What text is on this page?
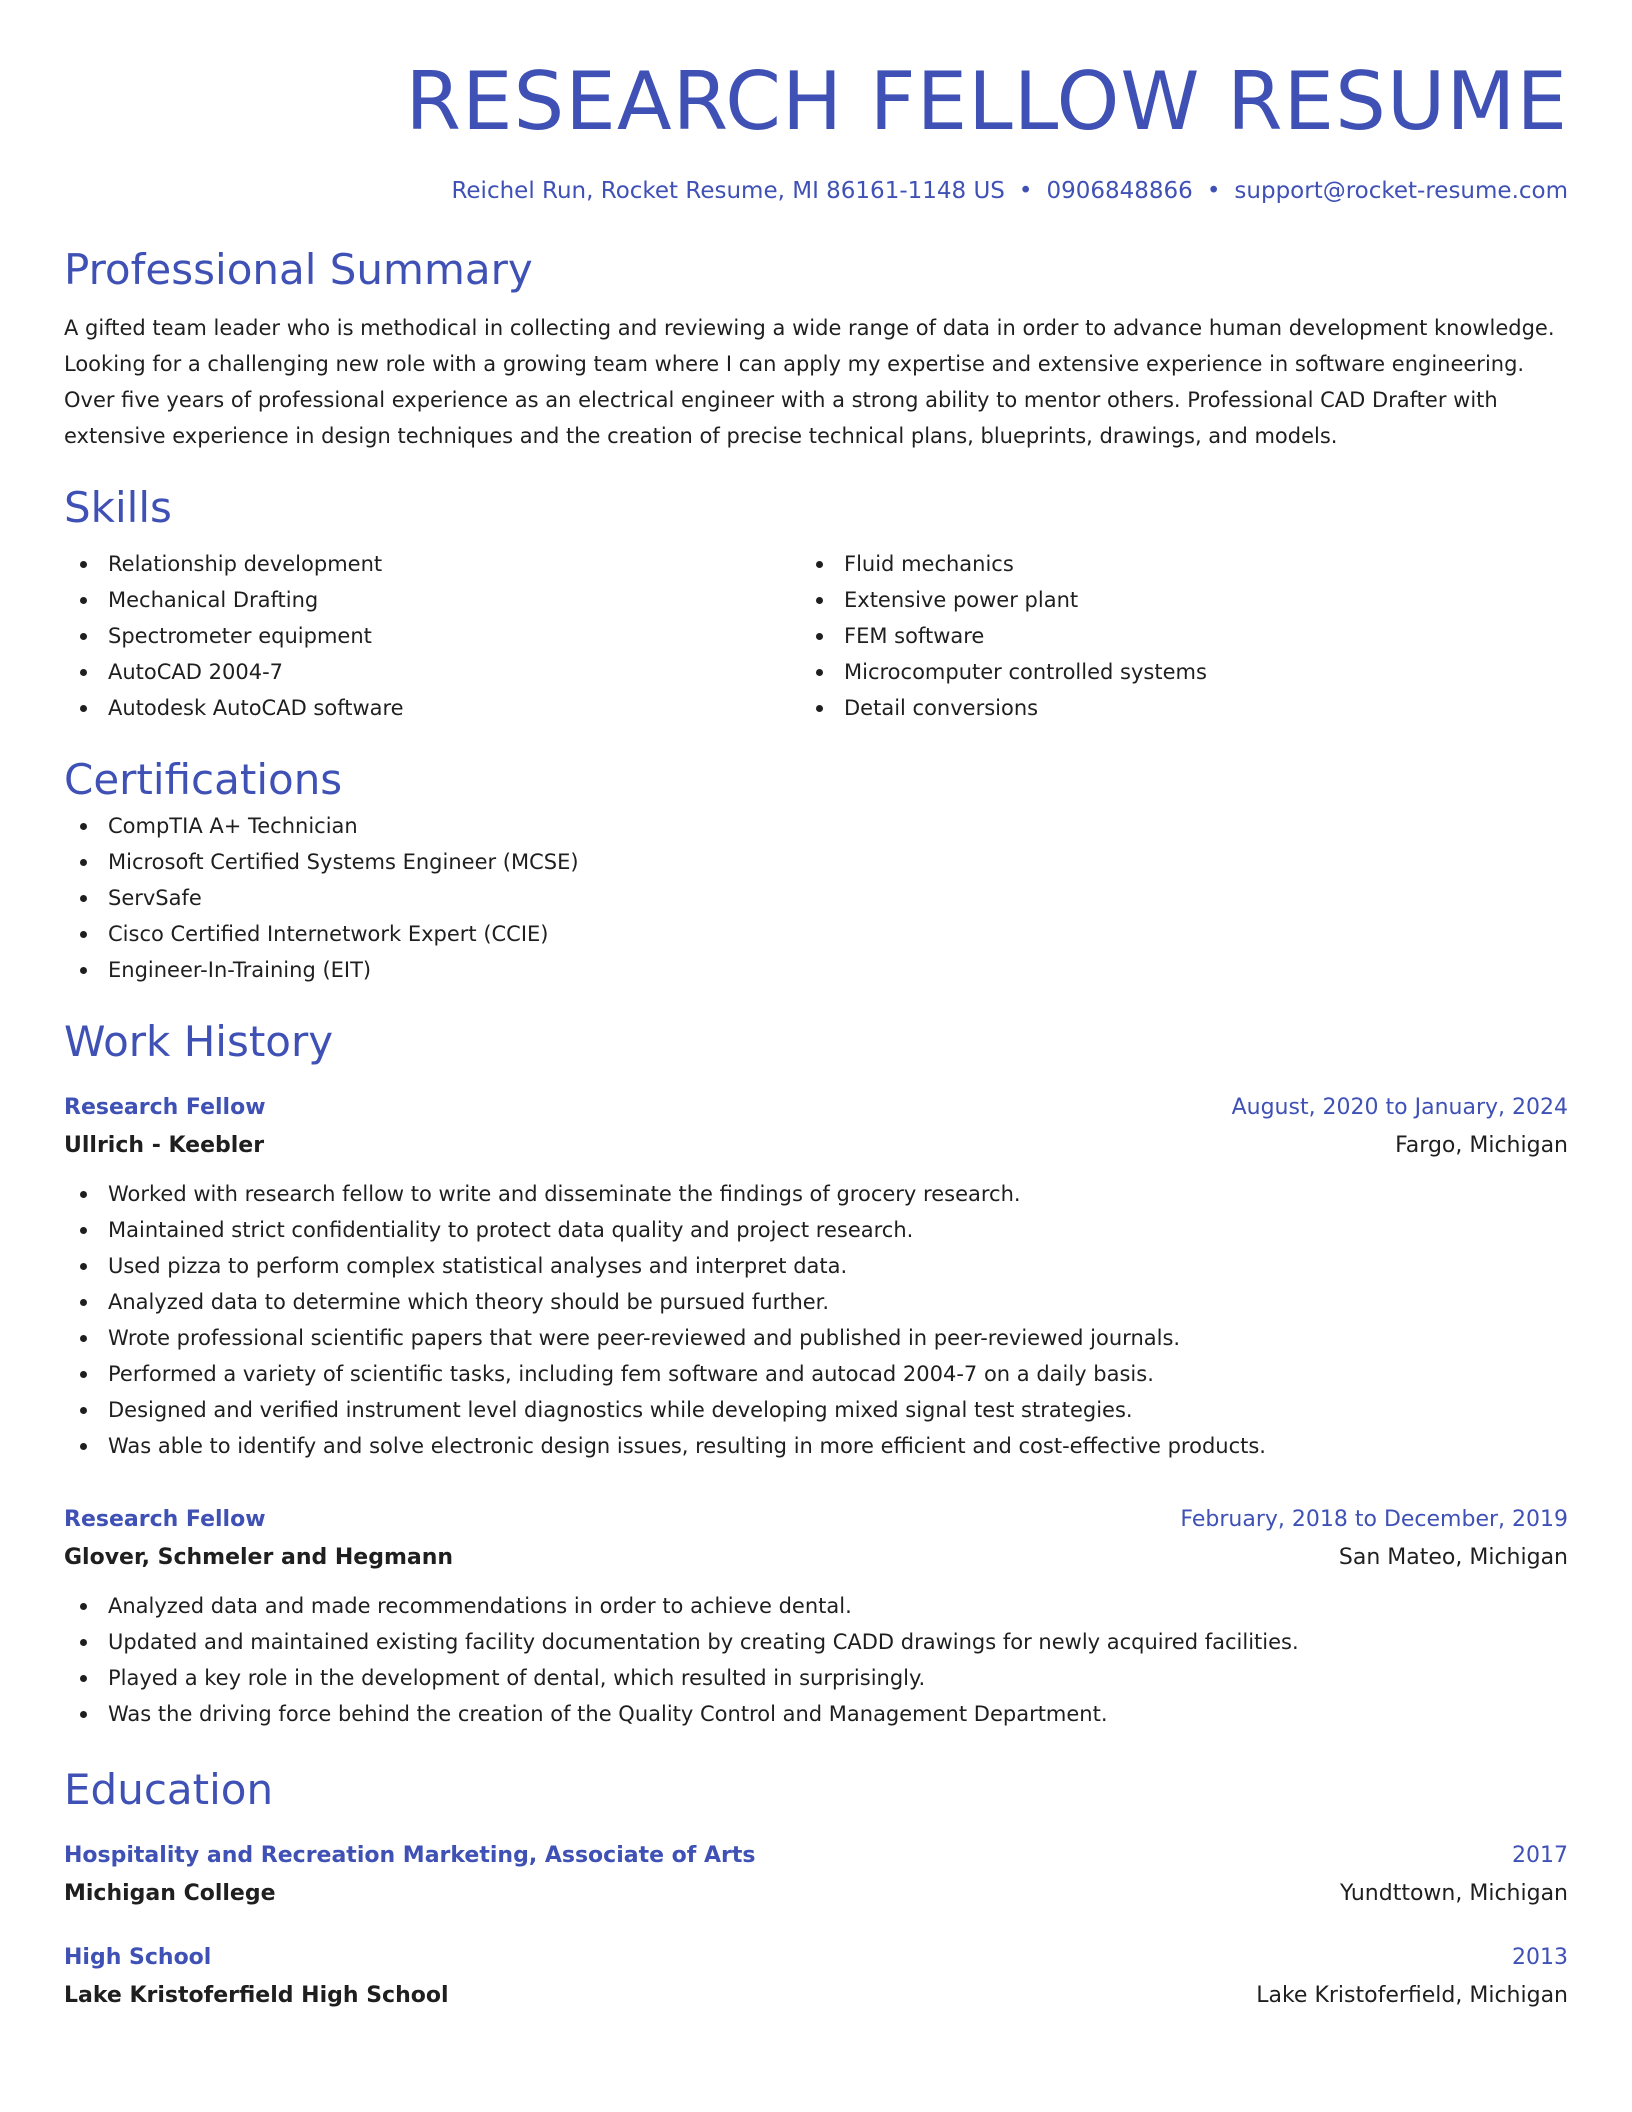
RESEARCH FELLOW RESUME
Reichel Run, Rocket Resume, MI 86161-1148 US • 0906848866 • support@rocket-resume.com
Professional Summary

A gifted team leader who is methodical in collecting and reviewing a wide range of data in order to advance human development knowledge. Looking for a challenging new role with a growing team where I can apply my expertise and extensive experience in software engineering. Over five years of professional experience as an electrical engineer with a strong ability to mentor others. Professional CAD Drafter with extensive experience in design techniques and the creation of precise technical plans, blueprints, drawings, and models.

Skills
Relationship development
Mechanical Drafting
Spectrometer equipment
AutoCAD 2004-7
Autodesk AutoCAD software
Fluid mechanics
Extensive power plant
FEM software
Microcomputer controlled systems
Detail conversions
Certifications
CompTIA A+ Technician
Microsoft Certified Systems Engineer (MCSE)
ServSafe
Cisco Certified Internetwork Expert (CCIE)
Engineer-In-Training (EIT)
Work History
Research Fellow	August, 2020 to January, 2024
Ullrich - Keebler	Fargo, Michigan
Worked with research fellow to write and disseminate the findings of grocery research.
Maintained strict confidentiality to protect data quality and project research.
Used pizza to perform complex statistical analyses and interpret data.
Analyzed data to determine which theory should be pursued further.
Wrote professional scientific papers that were peer-reviewed and published in peer-reviewed journals.
Performed a variety of scientific tasks, including fem software and autocad 2004-7 on a daily basis.
Designed and verified instrument level diagnostics while developing mixed signal test strategies.
Was able to identify and solve electronic design issues, resulting in more efficient and cost-effective products.
Research Fellow	February, 2018 to December, 2019
Glover, Schmeler and Hegmann	San Mateo, Michigan
Analyzed data and made recommendations in order to achieve dental.
Updated and maintained existing facility documentation by creating CADD drawings for newly acquired facilities.
Played a key role in the development of dental, which resulted in surprisingly.
Was the driving force behind the creation of the Quality Control and Management Department.
Education
Hospitality and Recreation Marketing, Associate of Arts	2017
Michigan College	Yundttown, Michigan
High School	2013
Lake Kristoferfield High School	Lake Kristoferfield, Michigan
